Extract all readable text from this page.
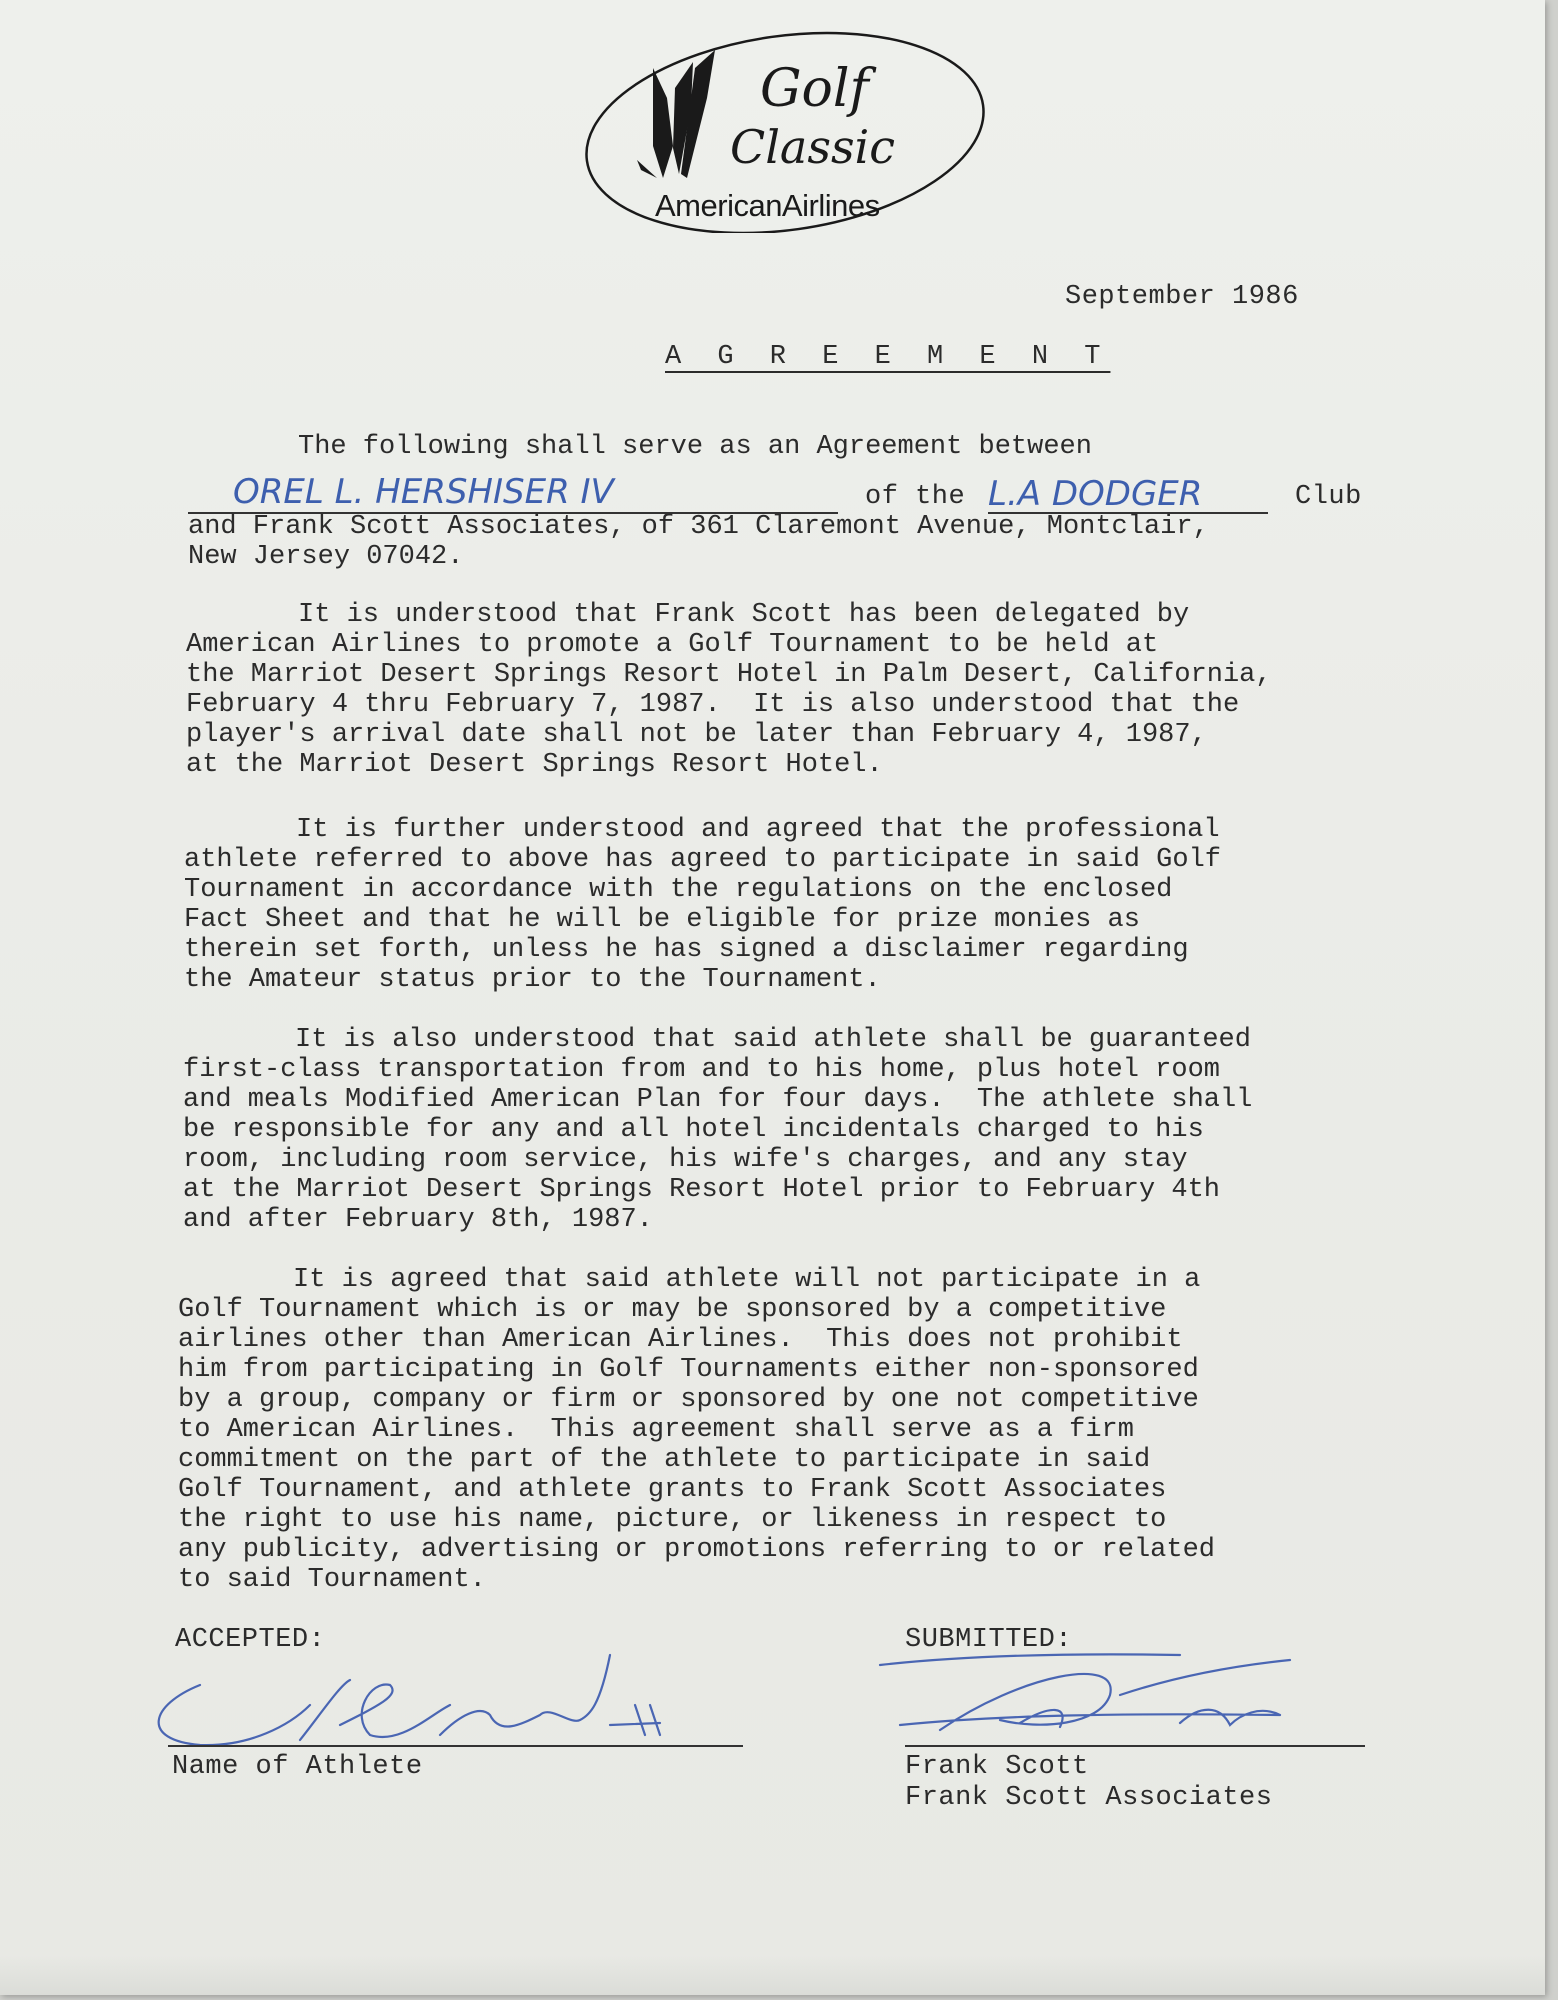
Golf
Classic
AmericanAirlines
September 1986
A G R E E M E N T
The following shall serve as an Agreement between
OREL L. HERSHISER IV	of the L.A DODGER	Club
and Frank Scott Associates, of 361 Claremont Avenue, Montclair,
New Jersey 07042.
It is understood that Frank Scott has been delegated by
American Airlines to promote a Golf Tournament to be held at
the Marriot Desert Springs Resort Hotel in Palm Desert, California,
February 4 thru February 7, 1987.  It is also understood that the
player's arrival date shall not be later than February 4, 1987,
at the Marriot Desert Springs Resort Hotel.
It is further understood and agreed that the professional
athlete referred to above has agreed to participate in said Golf
Tournament in accordance with the regulations on the enclosed
Fact Sheet and that he will be eligible for prize monies as
therein set forth, unless he has signed a disclaimer regarding
the Amateur status prior to the Tournament.
It is also understood that said athlete shall be guaranteed
first-class transportation from and to his home, plus hotel room
and meals Modified American Plan for four days.  The athlete shall
be responsible for any and all hotel incidentals charged to his
room, including room service, his wife's charges, and any stay
at the Marriot Desert Springs Resort Hotel prior to February 4th
and after February 8th, 1987.
It is agreed that said athlete will not participate in a
Golf Tournament which is or may be sponsored by a competitive
airlines other than American Airlines.  This does not prohibit
him from participating in Golf Tournaments either non-sponsored
by a group, company or firm or sponsored by one not competitive
to American Airlines.  This agreement shall serve as a firm
commitment on the part of the athlete to participate in said
Golf Tournament, and athlete grants to Frank Scott Associates
the right to use his name, picture, or likeness in respect to
any publicity, advertising or promotions referring to or related
to said Tournament.
ACCEPTED:
Name of Athlete
SUBMITTED:
Frank Scott
Frank Scott Associates
